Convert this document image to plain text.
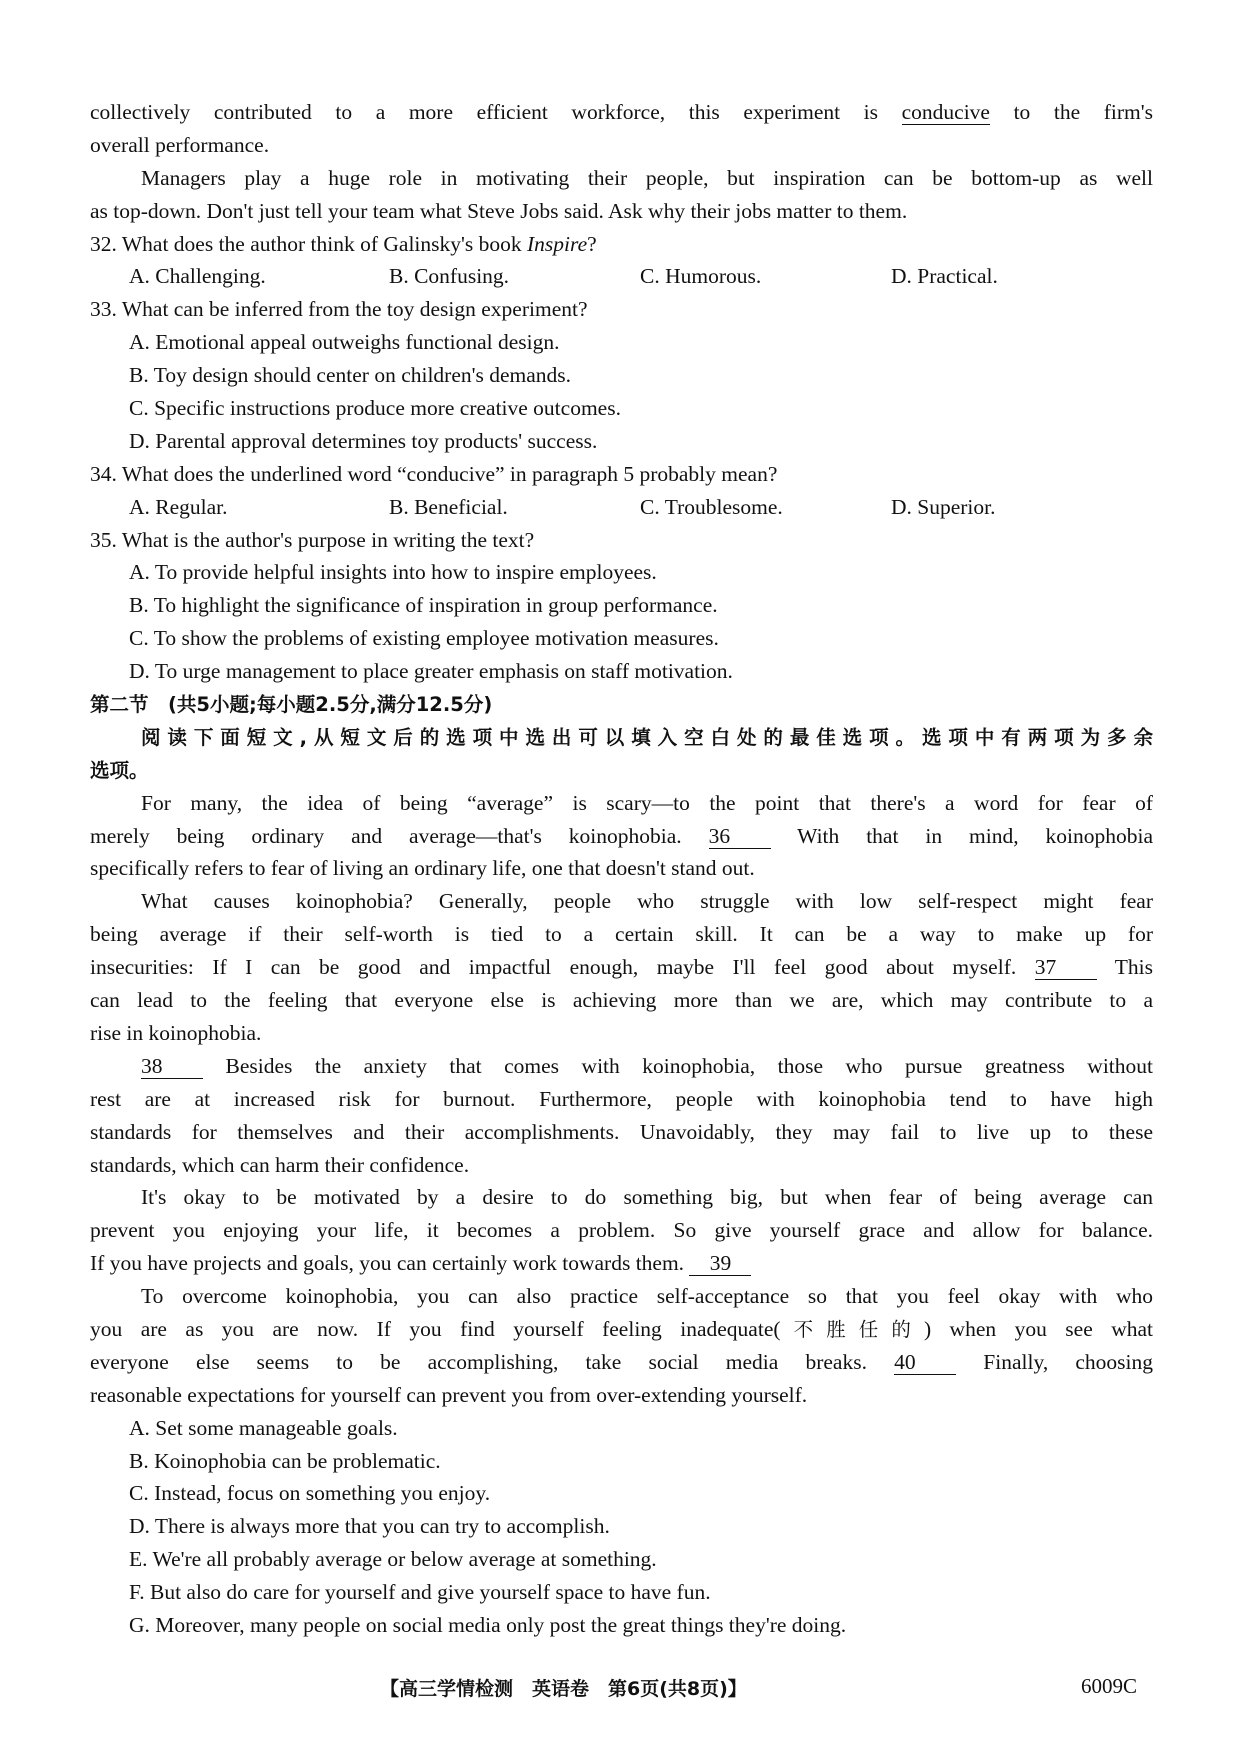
collectively contributed to a more efficient workforce, this experiment is conducive to the firm's
overall performance.
Managers play a huge role in motivating their people, but inspiration can be bottom-up as well
as top-down. Don't just tell your team what Steve Jobs said. Ask why their jobs matter to them.
32. What does the author think of Galinsky's book Inspire?
A. Challenging.	B. Confusing.	C. Humorous.	D. Practical.
33. What can be inferred from the toy design experiment?
A. Emotional appeal outweighs functional design.
B. Toy design should center on children's demands.
C. Specific instructions produce more creative outcomes.
D. Parental approval determines toy products' success.
34. What does the underlined word “conducive” in paragraph 5 probably mean?
A. Regular.	B. Beneficial.	C. Troublesome.	D. Superior.
35. What is the author's purpose in writing the text?
A. To provide helpful insights into how to inspire employees.
B. To highlight the significance of inspiration in group performance.
C. To show the problems of existing employee motivation measures.
D. To urge management to place greater emphasis on staff motivation.
第二节　(共5小题;每小题2.5分,满分12.5分)
阅读下面短文,从短文后的选项中选出可以填入空白处的最佳选项。选项中有两项为多余
选项。
For many, the idea of being “average” is scary—to the point that there's a word for fear of
merely being ordinary and average—that's koinophobia. 36 With that in mind, koinophobia
specifically refers to fear of living an ordinary life, one that doesn't stand out.
What causes koinophobia? Generally, people who struggle with low self-respect might fear
being average if their self-worth is tied to a certain skill. It can be a way to make up for
insecurities: If I can be good and impactful enough, maybe I'll feel good about myself. 37 This
can lead to the feeling that everyone else is achieving more than we are, which may contribute to a
rise in koinophobia.
38 Besides the anxiety that comes with koinophobia, those who pursue greatness without
rest are at increased risk for burnout. Furthermore, people with koinophobia tend to have high
standards for themselves and their accomplishments. Unavoidably, they may fail to live up to these
standards, which can harm their confidence.
It's okay to be motivated by a desire to do something big, but when fear of being average can
prevent you enjoying your life, it becomes a problem. So give yourself grace and allow for balance.
If you have projects and goals, you can certainly work towards them. 39
To overcome koinophobia, you can also practice self-acceptance so that you feel okay with who
you are as you are now. If you find yourself feeling inadequate(不胜任的) when you see what
everyone else seems to be accomplishing, take social media breaks. 40 Finally, choosing
reasonable expectations for yourself can prevent you from over-extending yourself.
A. Set some manageable goals.
B. Koinophobia can be problematic.
C. Instead, focus on something you enjoy.
D. There is always more that you can try to accomplish.
E. We're all probably average or below average at something.
F. But also do care for yourself and give yourself space to have fun.
G. Moreover, many people on social media only post the great things they're doing.
【高三学情检测　英语卷　第6页(共8页)】	6009C
